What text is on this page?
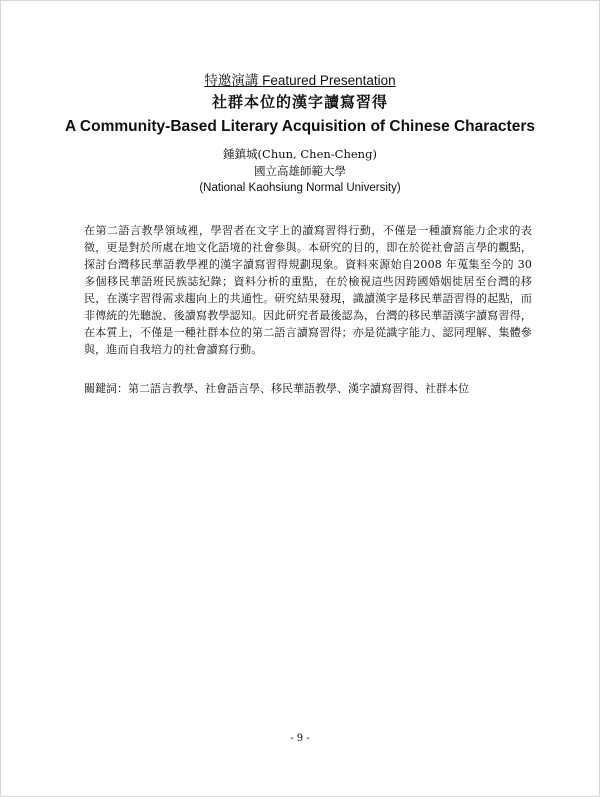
特邀演講 Featured Presentation
社群本位的漢字讀寫習得
A Community-Based Literary Acquisition of Chinese Characters
鍾鎮城(Chun, Chen-Cheng)
國立高雄師範大學
(National Kaohsiung Normal University)

在第二語言教學領域裡，學習者在文字上的讀寫習得行動，不僅是一種讀寫能力企求的表徵，更是對於所處在地文化語境的社會參與。本研究的目的，即在於從社會語言學的觀點，探討台灣移民華語教學裡的漢字讀寫習得規劃現象。資料來源始自2008 年蒐集至今的 30 多個移民華語班民族誌紀錄；資料分析的重點，在於檢視這些因跨國婚姻徙居至台灣的移民，在漢字習得需求趨向上的共通性。研究結果發現，識讀漢字是移民華語習得的起點，而非傳統的先聽說、後讀寫教學認知。因此研究者最後認為，台灣的移民華語漢字讀寫習得，在本質上，不僅是一種社群本位的第二語言讀寫習得；亦是從識字能力、認同理解、集體參與，進而自我培力的社會讀寫行動。

關鍵詞：第二語言教學、社會語言學、移民華語教學、漢字讀寫習得、社群本位

- 9 -
